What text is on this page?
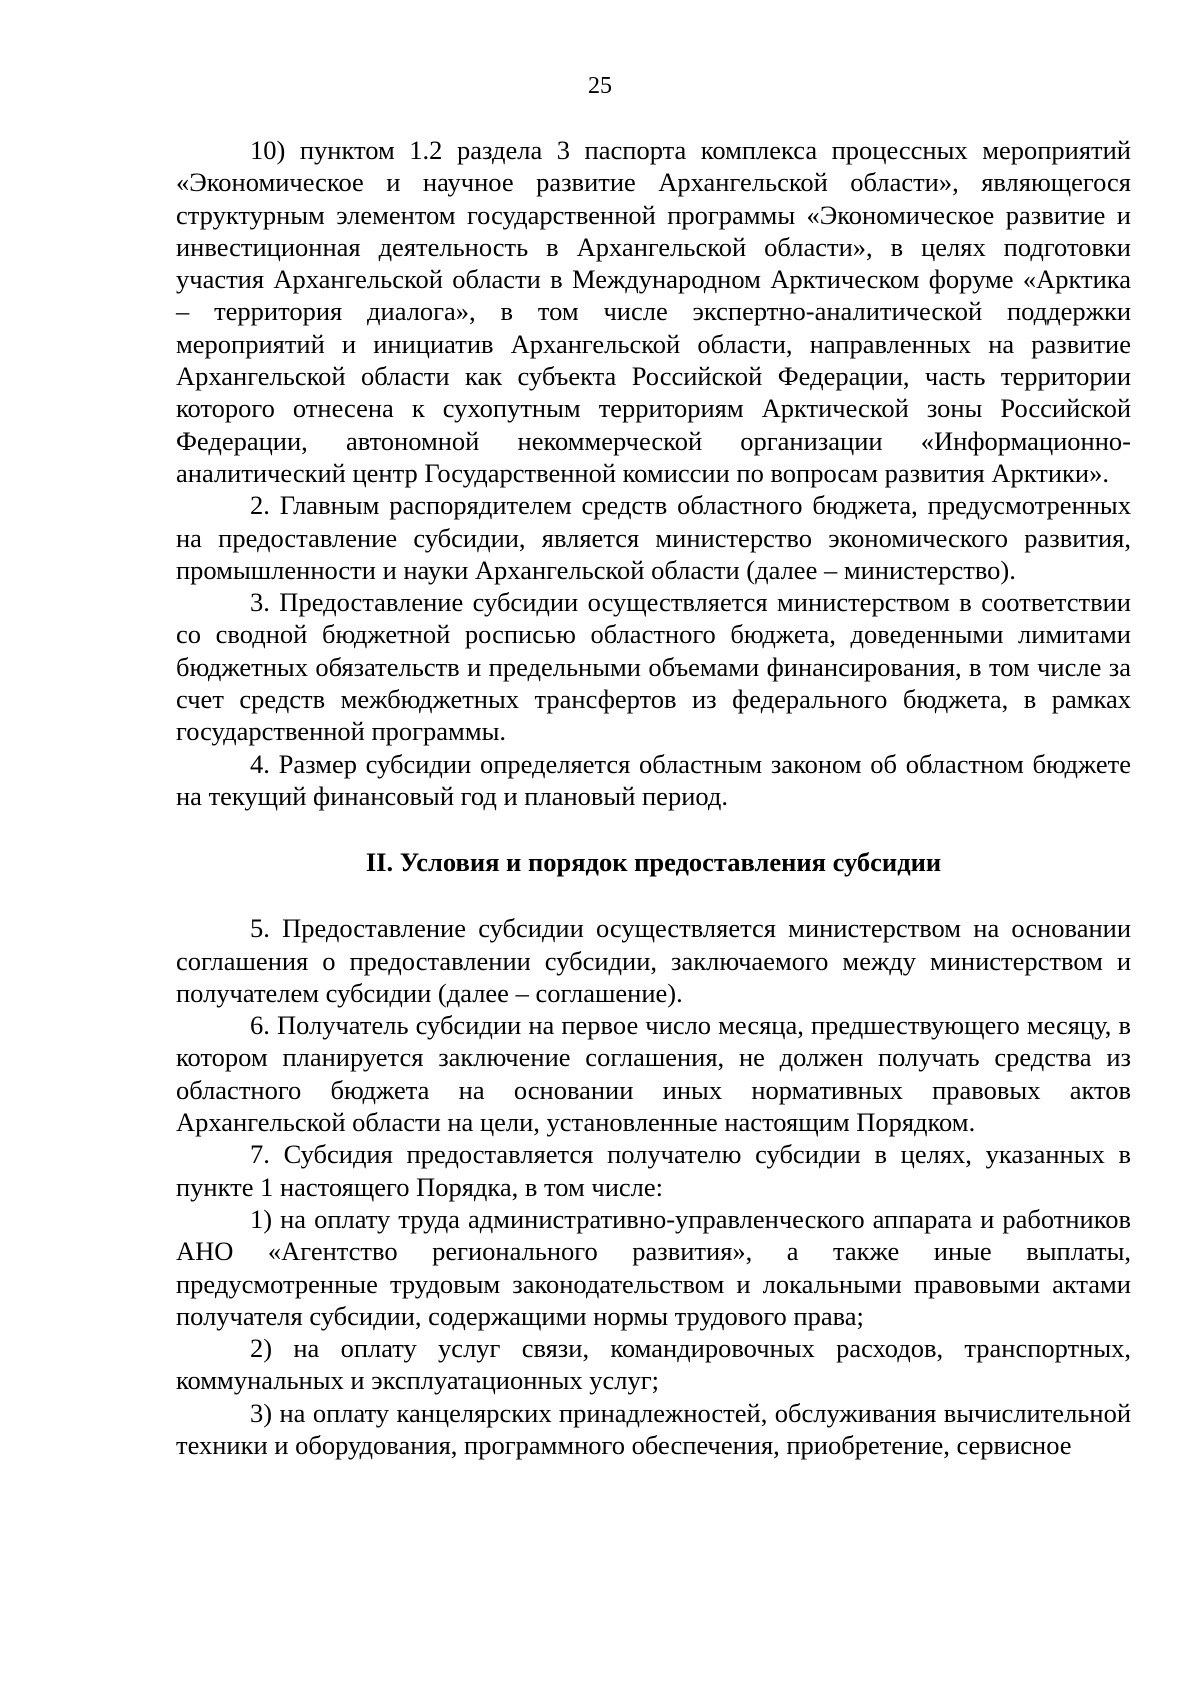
25

10) пунктом 1.2 раздела 3 паспорта комплекса процессных мероприятий «Экономическое и научное развитие Архангельской области», являющегося структурным элементом государственной программы «Экономическое развитие и инвестиционная деятельность в Архангельской области», в целях подготовки участия Архангельской области в Международном Арктическом форуме «Арктика – территория диалога», в том числе экспертно-аналитической поддержки мероприятий и инициатив Архангельской области, направленных на развитие Архангельской области как субъекта Российской Федерации, часть территории которого отнесена к сухопутным территориям Арктической зоны Российской Федерации, автономной некоммерческой организации «Информационно-аналитический центр Государственной комиссии по вопросам развития Арктики».

2. Главным распорядителем средств областного бюджета, предусмотренных на предоставление субсидии, является министерство экономического развития, промышленности и науки Архангельской области (далее – министерство).

3. Предоставление субсидии осуществляется министерством в соответствии со сводной бюджетной росписью областного бюджета, доведенными лимитами бюджетных обязательств и предельными объемами финансирования, в том числе за счет средств межбюджетных трансфертов из федерального бюджета, в рамках государственной программы.

4. Размер субсидии определяется областным законом об областном бюджете на текущий финансовый год и плановый период.

II. Условия и порядок предоставления субсидии

5. Предоставление субсидии осуществляется министерством на основании соглашения о предоставлении субсидии, заключаемого между министерством и получателем субсидии (далее – соглашение).

6. Получатель субсидии на первое число месяца, предшествующего месяцу, в котором планируется заключение соглашения, не должен получать средства из областного бюджета на основании иных нормативных правовых актов Архангельской области на цели, установленные настоящим Порядком.

7. Субсидия предоставляется получателю субсидии в целях, указанных в пункте 1 настоящего Порядка, в том числе:

1) на оплату труда административно-управленческого аппарата и работников АНО «Агентство регионального развития», а также иные выплаты, предусмотренные трудовым законодательством и локальными правовыми актами получателя субсидии, содержащими нормы трудового права;

2) на оплату услуг связи, командировочных расходов, транспортных, коммунальных и эксплуатационных услуг;

3) на оплату канцелярских принадлежностей, обслуживания вычислительной техники и оборудования, программного обеспечения, приобретение, сервисное
